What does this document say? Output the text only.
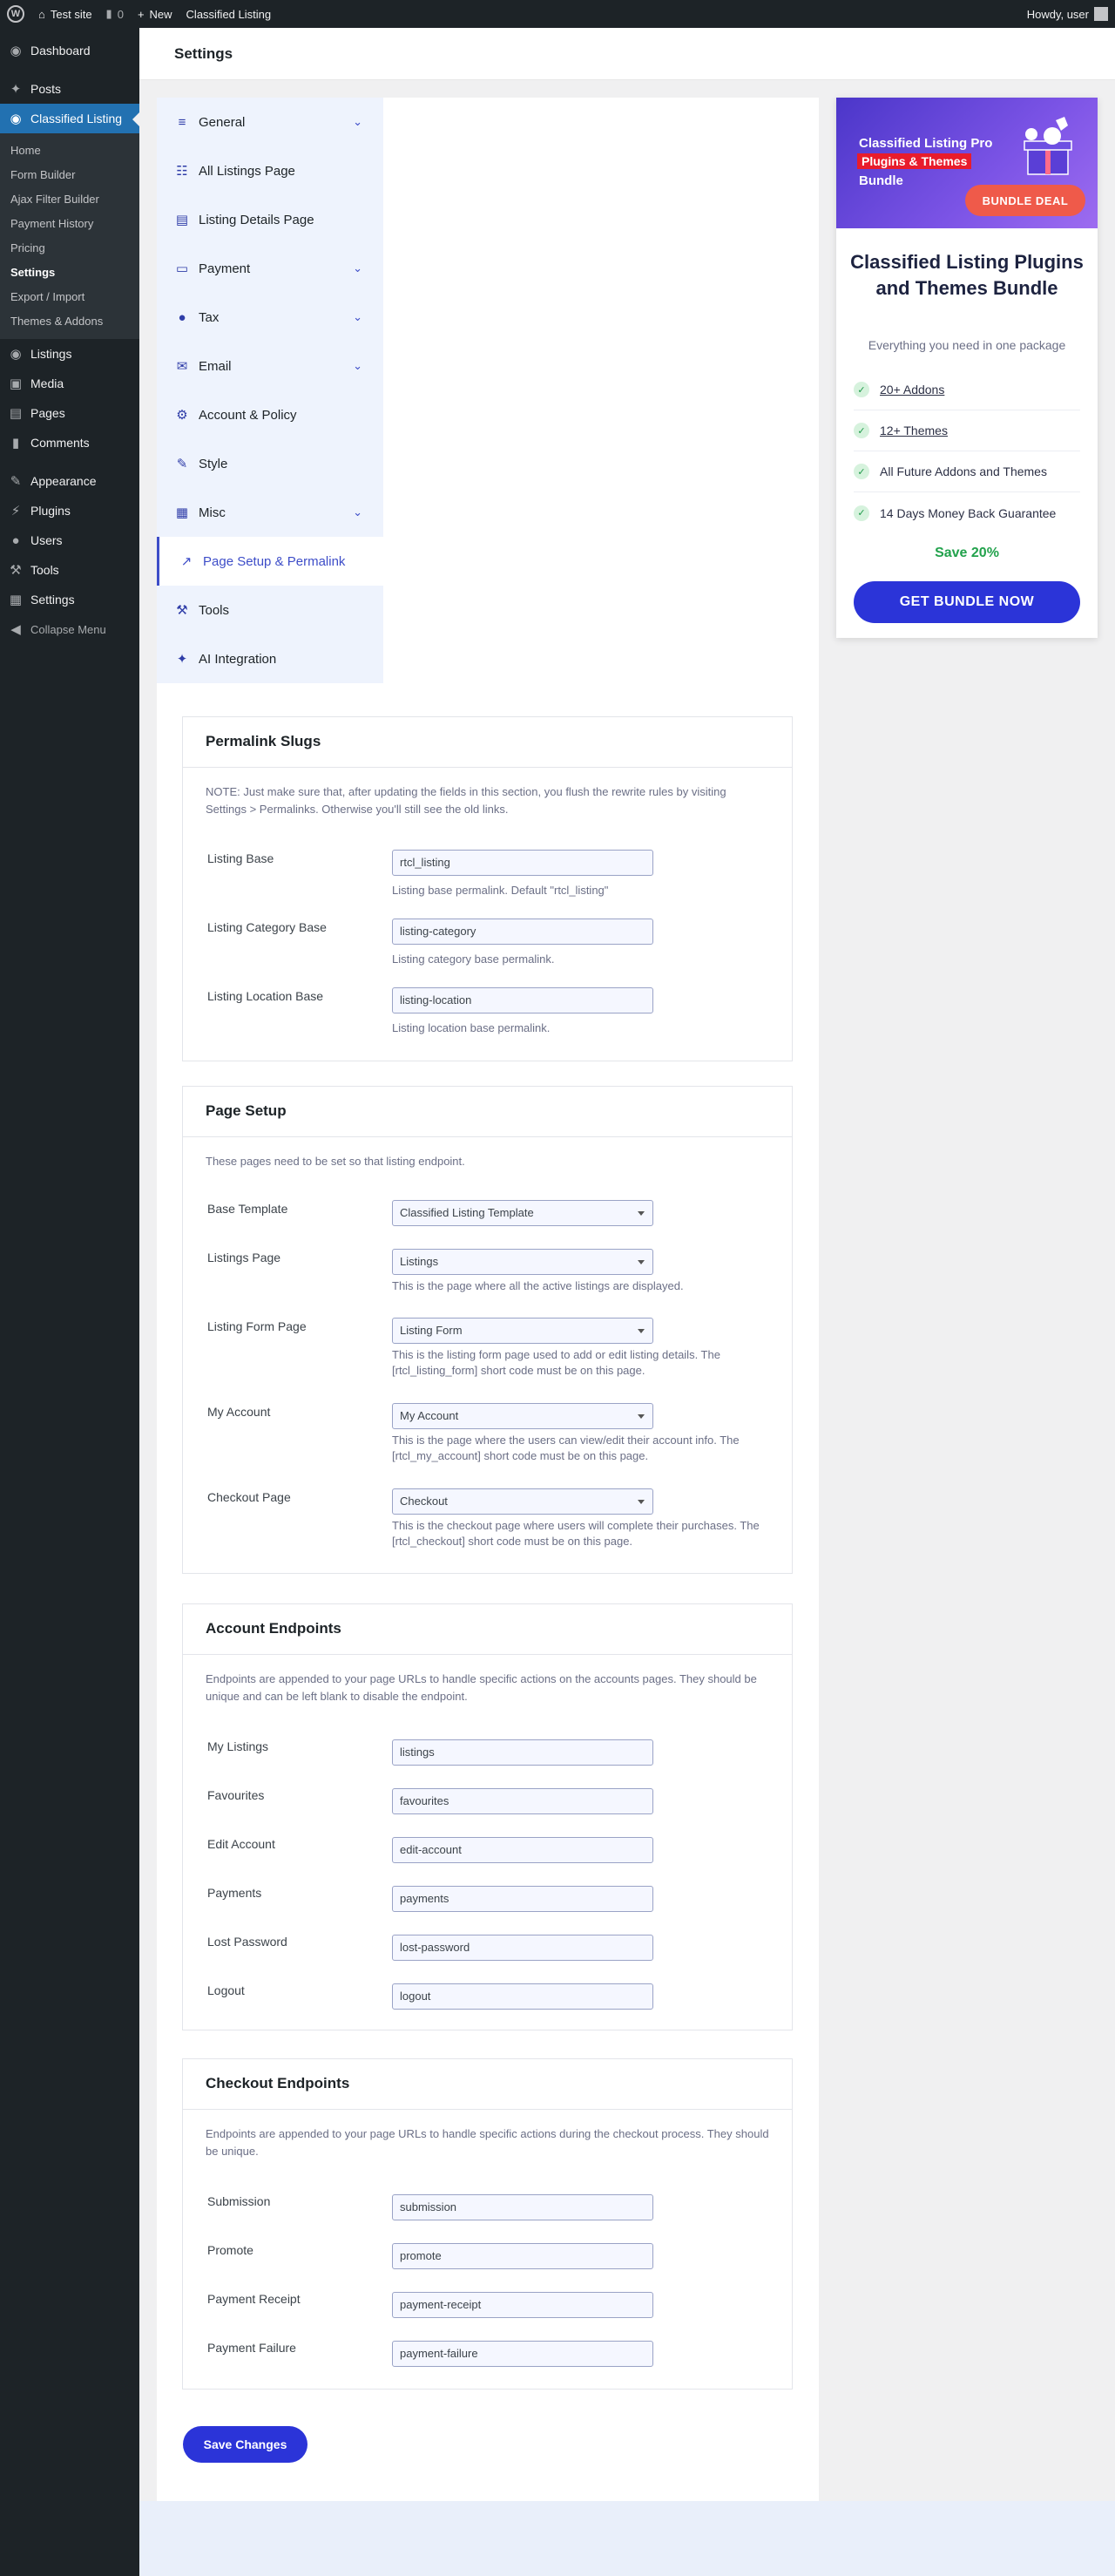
W	⌂ Test site ▮ 0 + New Classified Listing	Howdy, user
◉ Dashboard
✦ Posts
◉ Classified Listing
Home
Form Builder
Ajax Filter Builder
Payment History
Pricing
Settings
Export / Import
Themes & Addons
◉ Listings
▣ Media
▤ Pages
▮ Comments
✎ Appearance
⚡ Plugins
● Users
⚒ Tools
▦ Settings
◀ Collapse Menu
Settings
≡ General	⌄
☷ All Listings Page
▤ Listing Details Page
▭ Payment	⌄
● Tax	⌄
✉ Email	⌄
⚙ Account & Policy
✎ Style
▦ Misc	⌄
↗ Page Setup & Permalink
⚒ Tools
✦ AI Integration
Permalink Slugs
NOTE: Just make sure that, after updating the fields in this section, you flush the rewrite rules by visiting Settings > Permalinks. Otherwise you'll still see the old links.
Listing Base	rtcl_listing
Listing base permalink. Default "rtcl_listing"
Listing Category Base	listing-category
Listing category base permalink.
Listing Location Base	listing-location
Listing location base permalink.
Page Setup
These pages need to be set so that listing endpoint.
Base Template	Classified Listing Template
Listings Page	Listings
This is the page where all the active listings are displayed.
Listing Form Page	Listing Form
This is the listing form page used to add or edit listing details. The [rtcl_listing_form] short code must be on this page.
My Account	My Account
This is the page where the users can view/edit their account info. The [rtcl_my_account] short code must be on this page.
Checkout Page	Checkout
This is the checkout page where users will complete their purchases. The [rtcl_checkout] short code must be on this page.
Account Endpoints
Endpoints are appended to your page URLs to handle specific actions on the accounts pages. They should be unique and can be left blank to disable the endpoint.
My Listings	listings
Favourites	favourites
Edit Account	edit-account
Payments	payments
Lost Password	lost-password
Logout	logout
Checkout Endpoints
Endpoints are appended to your page URLs to handle specific actions during the checkout process. They should be unique.
Submission	submission
Promote	promote
Payment Receipt	payment-receipt
Payment Failure	payment-failure
Save Changes
Classified Listing Pro
Plugins & Themes
Bundle
BUNDLE DEAL
Classified Listing Plugins and Themes Bundle
Everything you need in one package
✓	20+ Addons
✓	12+ Themes
✓	All Future Addons and Themes
✓	14 Days Money Back Guarantee
Save 20%
GET BUNDLE NOW
